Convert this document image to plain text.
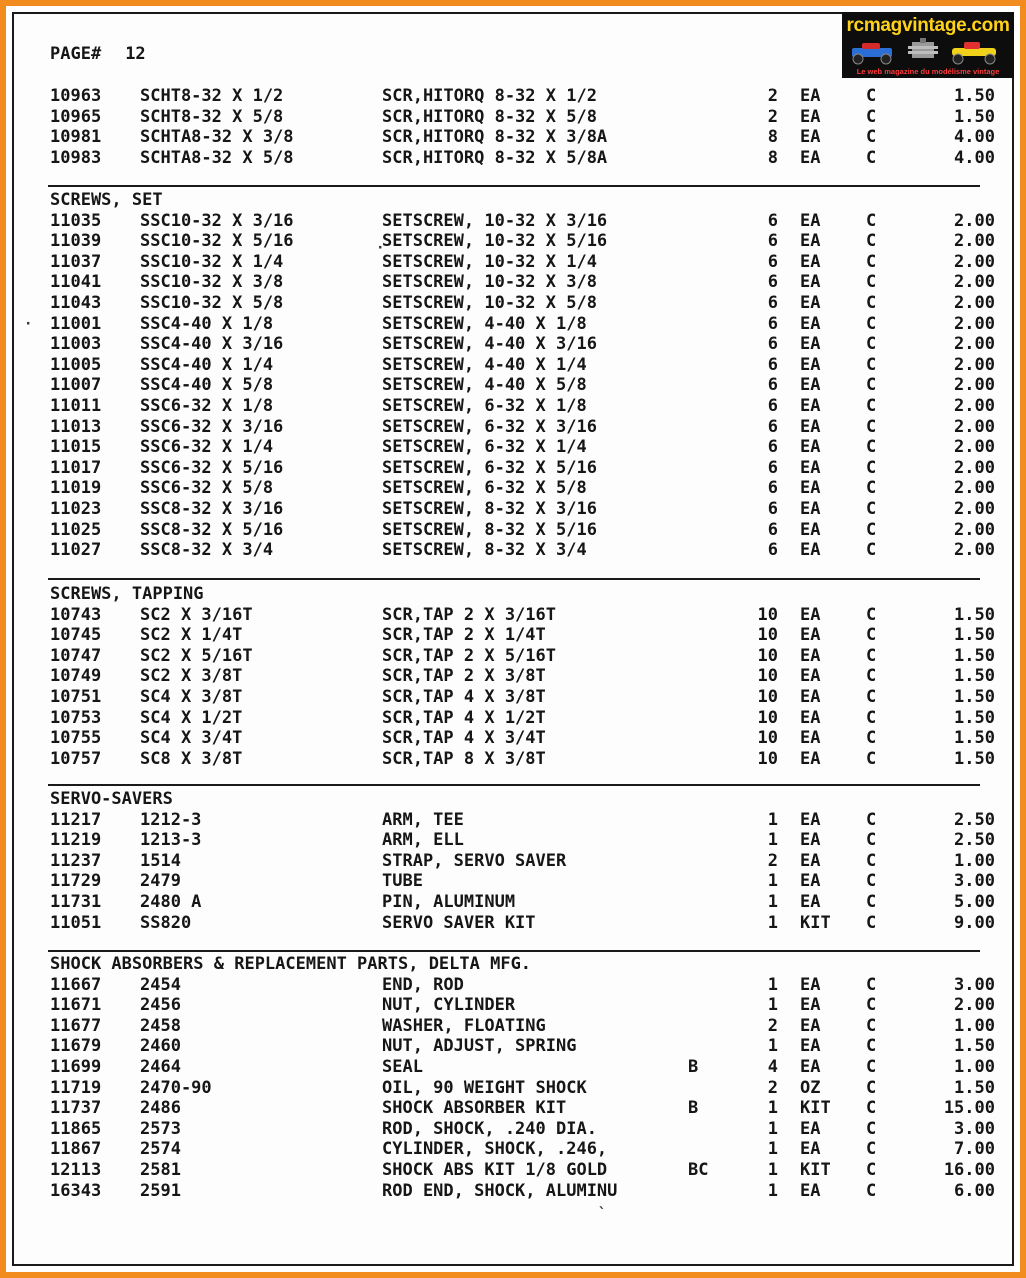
rcmagvintage.com
Le web magazine du modélisme vintage
PAGE# 12
10963 SCHT8-32 X 1/2	SCR,HITORQ 8-32 X 1/2	2 EA	C	1.50
10965 SCHT8-32 X 5/8	SCR,HITORQ 8-32 X 5/8	2 EA	C	1.50
10981 SCHTA8-32 X 3/8	SCR,HITORQ 8-32 X 3/8A	8 EA	C	4.00
10983 SCHTA8-32 X 5/8	SCR,HITORQ 8-32 X 5/8A	8 EA	C	4.00
SCREWS, SET
11035 SSC10-32 X 3/16	SETSCREW, 10-32 X 3/16	6 EA	C	2.00
11039 SSC10-32 X 5/16	SETSCREW, 10-32 X 5/16	6 EA	C	2.00
11037 SSC10-32 X 1/4	SETSCREW, 10-32 X 1/4	6 EA	C	2.00
11041 SSC10-32 X 3/8	SETSCREW, 10-32 X 3/8	6 EA	C	2.00
11043 SSC10-32 X 5/8	SETSCREW, 10-32 X 5/8	6 EA	C	2.00
11001 SSC4-40 X 1/8	SETSCREW, 4-40 X 1/8	6 EA	C	2.00
11003 SSC4-40 X 3/16	SETSCREW, 4-40 X 3/16	6 EA	C	2.00
11005 SSC4-40 X 1/4	SETSCREW, 4-40 X 1/4	6 EA	C	2.00
11007 SSC4-40 X 5/8	SETSCREW, 4-40 X 5/8	6 EA	C	2.00
11011 SSC6-32 X 1/8	SETSCREW, 6-32 X 1/8	6 EA	C	2.00
11013 SSC6-32 X 3/16	SETSCREW, 6-32 X 3/16	6 EA	C	2.00
11015 SSC6-32 X 1/4	SETSCREW, 6-32 X 1/4	6 EA	C	2.00
11017 SSC6-32 X 5/16	SETSCREW, 6-32 X 5/16	6 EA	C	2.00
11019 SSC6-32 X 5/8	SETSCREW, 6-32 X 5/8	6 EA	C	2.00
11023 SSC8-32 X 3/16	SETSCREW, 8-32 X 3/16	6 EA	C	2.00
11025 SSC8-32 X 5/16	SETSCREW, 8-32 X 5/16	6 EA	C	2.00
11027 SSC8-32 X 3/4	SETSCREW, 8-32 X 3/4	6 EA	C	2.00
SCREWS, TAPPING
10743 SC2 X 3/16T	SCR,TAP 2 X 3/16T	10 EA	C	1.50
10745 SC2 X 1/4T	SCR,TAP 2 X 1/4T	10 EA	C	1.50
10747 SC2 X 5/16T	SCR,TAP 2 X 5/16T	10 EA	C	1.50
10749 SC2 X 3/8T	SCR,TAP 2 X 3/8T	10 EA	C	1.50
10751 SC4 X 3/8T	SCR,TAP 4 X 3/8T	10 EA	C	1.50
10753 SC4 X 1/2T	SCR,TAP 4 X 1/2T	10 EA	C	1.50
10755 SC4 X 3/4T	SCR,TAP 4 X 3/4T	10 EA	C	1.50
10757 SC8 X 3/8T	SCR,TAP 8 X 3/8T	10 EA	C	1.50
SERVO-SAVERS
11217 1212-3	ARM, TEE	1 EA	C	2.50
11219 1213-3	ARM, ELL	1 EA	C	2.50
11237 1514	STRAP, SERVO SAVER	2 EA	C	1.00
11729 2479	TUBE	1 EA	C	3.00
11731 2480 A	PIN, ALUMINUM	1 EA	C	5.00
11051 SS820	SERVO SAVER KIT	1 KIT C	9.00
SHOCK ABSORBERS & REPLACEMENT PARTS, DELTA MFG.
11667 2454	END, ROD	1 EA	C	3.00
11671 2456	NUT, CYLINDER	1 EA	C	2.00
11677 2458	WASHER, FLOATING	2 EA	C	1.00
11679 2460	NUT, ADJUST, SPRING	1 EA	C	1.50
11699 2464	SEAL	B	4 EA	C	1.00
11719 2470-90	OIL, 90 WEIGHT SHOCK	2 OZ	C	1.50
11737 2486	SHOCK ABSORBER KIT	B	1 KIT C	15.00
11865 2573	ROD, SHOCK, .240 DIA.	1 EA	C	3.00
11867 2574	CYLINDER, SHOCK, .246,	1 EA	C	7.00
12113 2581	SHOCK ABS KIT 1/8 GOLD	BC	1 KIT C	16.00
16343 2591	ROD END, SHOCK, ALUMINU	1 EA	C	6.00
·
·
`
